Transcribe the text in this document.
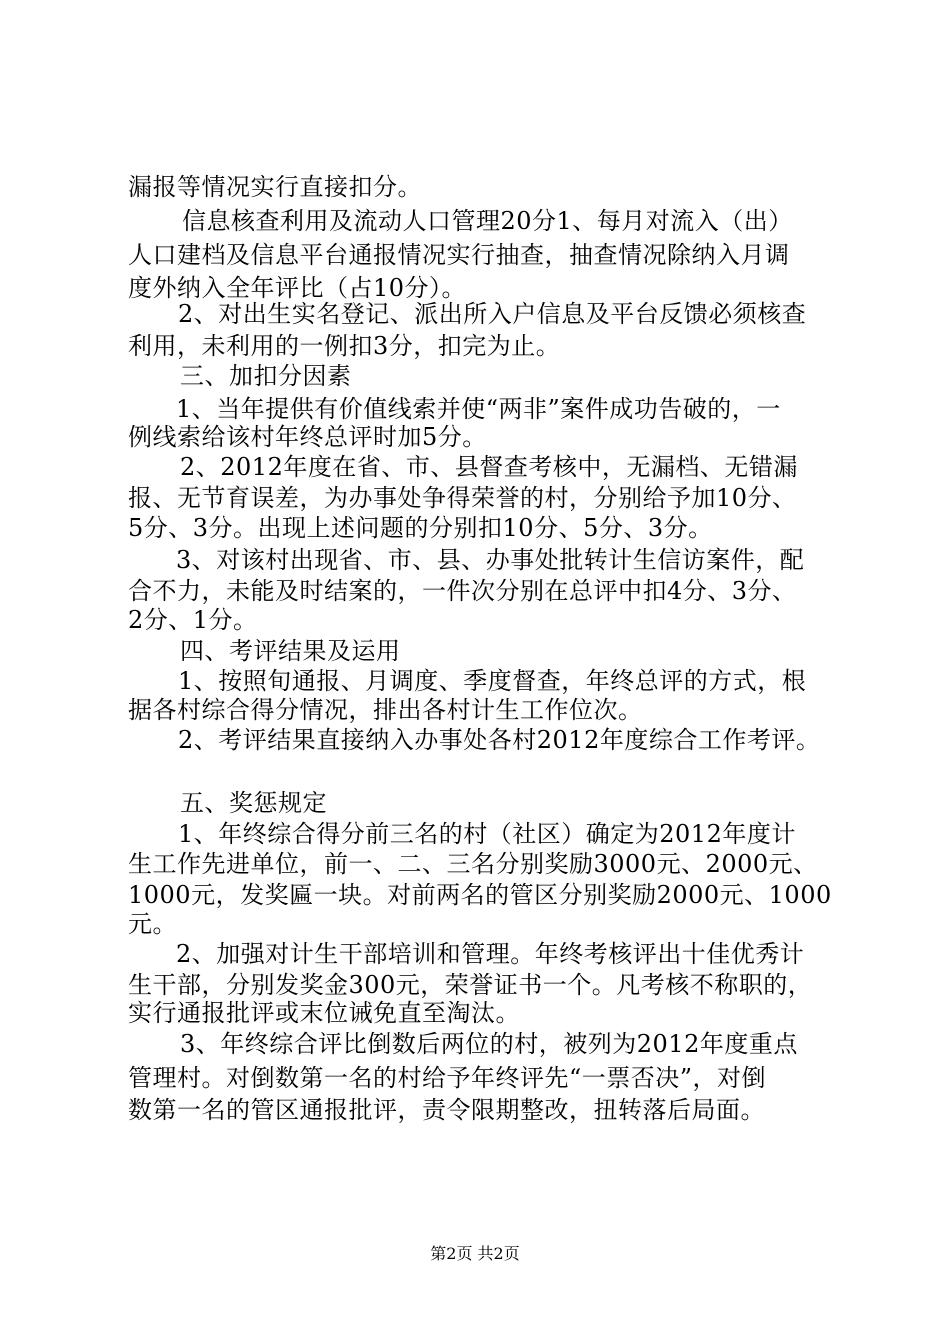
漏报等情况实行直接扣分。
信息核查利用及流动人口管理20分1、每月对流入（出）
人口建档及信息平台通报情况实行抽查，抽查情况除纳入月调
度外纳入全年评比（占10分）。
2、对出生实名登记、派出所入户信息及平台反馈必须核查
利用，未利用的一例扣3分，扣完为止。
三、加扣分因素
1、当年提供有价值线索并使“两非”案件成功告破的，一
例线索给该村年终总评时加5分。
2、2012年度在省、市、县督查考核中，无漏档、无错漏
报、无节育误差，为办事处争得荣誉的村，分别给予加10分、
5分、3分。出现上述问题的分别扣10分、5分、3分。
3、对该村出现省、市、县、办事处批转计生信访案件，配
合不力，未能及时结案的，一件次分别在总评中扣4分、3分、
2分、1分。
四、考评结果及运用
1、按照旬通报、月调度、季度督查，年终总评的方式，根
据各村综合得分情况，排出各村计生工作位次。
2、考评结果直接纳入办事处各村2012年度综合工作考评。
五、奖惩规定
1、年终综合得分前三名的村（社区）确定为2012年度计
生工作先进单位，前一、二、三名分别奖励3000元、2000元、
1000元，发奖匾一块。对前两名的管区分别奖励2000元、1000
元。
2、加强对计生干部培训和管理。年终考核评出十佳优秀计
生干部，分别发奖金300元，荣誉证书一个。凡考核不称职的，
实行通报批评或末位诫免直至淘汰。
3、年终综合评比倒数后两位的村，被列为2012年度重点
管理村。对倒数第一名的村给予年终评先“一票否决”，对倒
数第一名的管区通报批评，责令限期整改，扭转落后局面。
第2页 共2页
